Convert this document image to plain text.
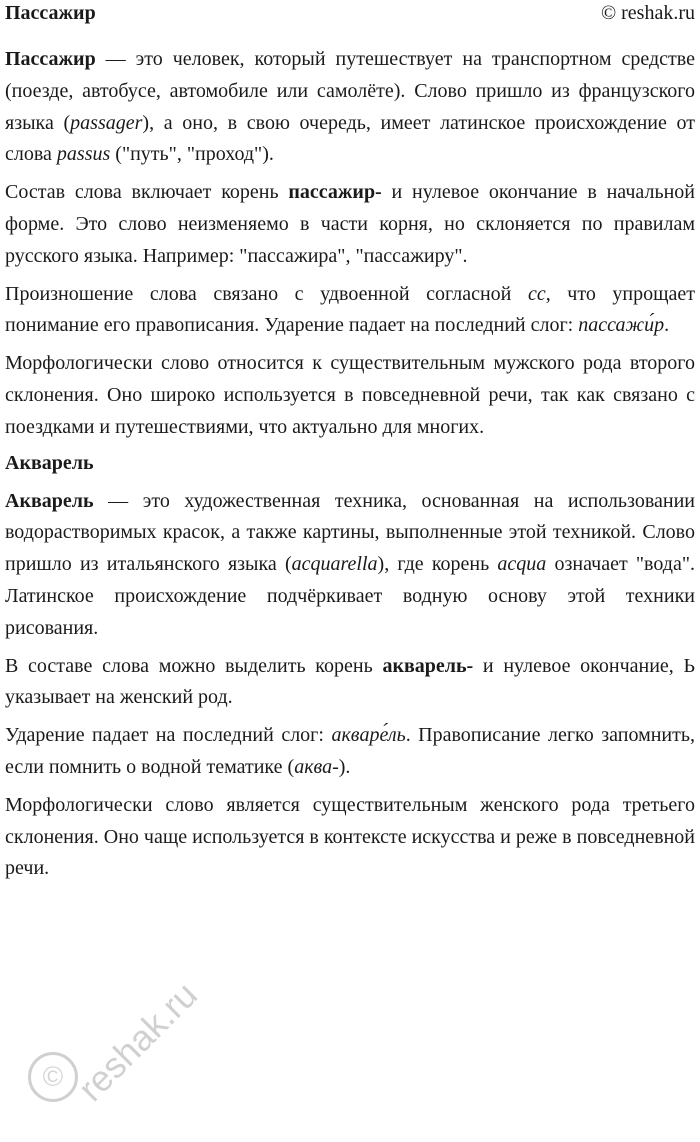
Пассажир	© reshak.ru

Пассажир — это человек, который путешествует на транспортном средстве (поезде, автобусе, автомобиле или самолёте). Слово пришло из французского языка (passager), а оно, в свою очередь, имеет латинское происхождение от слова passus ("путь", "проход").

Состав слова включает корень пассажир- и нулевое окончание в начальной форме. Это слово неизменяемо в части корня, но склоняется по правилам русского языка. Например: "пассажира", "пассажиру".

Произношение слова связано с удвоенной согласной сс, что упрощает понимание его правописания. Ударение падает на последний слог: пассажи́р.

Морфологически слово относится к существительным мужского рода второго склонения. Оно широко используется в повседневной речи, так как связано с поездками и путешествиями, что актуально для многих.

Акварель

Акварель — это художественная техника, основанная на использовании водорастворимых красок, а также картины, выполненные этой техникой. Слово пришло из итальянского языка (acquarella), где корень acqua означает "вода". Латинское происхождение подчёркивает водную основу этой техники рисования.

В составе слова можно выделить корень акварель- и нулевое окончание, Ь указывает на женский род.

Ударение падает на последний слог: аквaре́ль. Правописание легко запомнить, если помнить о водной тематике (аква-).

Морфологически слово является существительным женского рода третьего склонения. Оно чаще используется в контексте искусства и реже в повседневной речи.

© reshak.ru
